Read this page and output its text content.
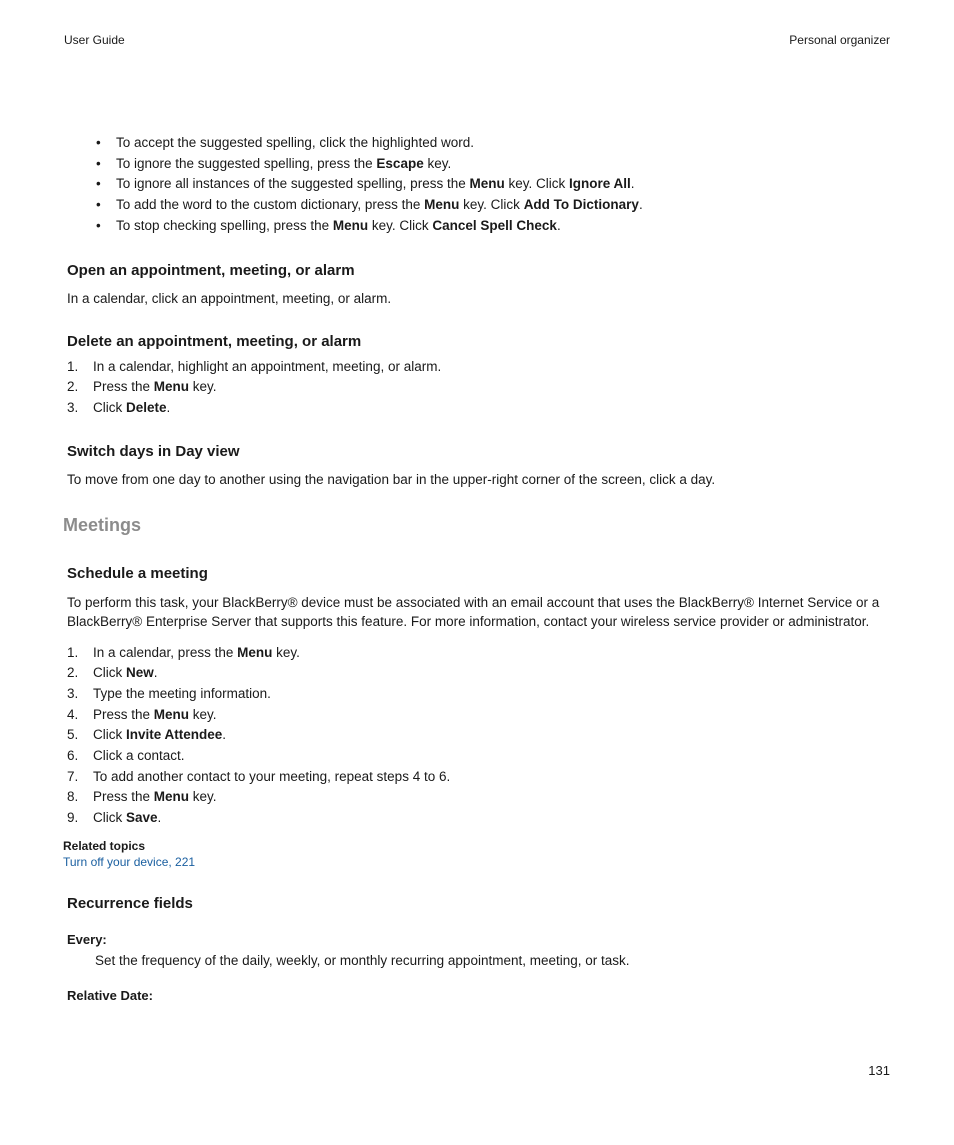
User Guide	Personal organizer
• To accept the suggested spelling, click the highlighted word.
• To ignore the suggested spelling, press the Escape key.
• To ignore all instances of the suggested spelling, press the Menu key. Click Ignore All.
• To add the word to the custom dictionary, press the Menu key. Click Add To Dictionary.
• To stop checking spelling, press the Menu key. Click Cancel Spell Check.
Open an appointment, meeting, or alarm
In a calendar, click an appointment, meeting, or alarm.
Delete an appointment, meeting, or alarm
1. In a calendar, highlight an appointment, meeting, or alarm.
2. Press the Menu key.
3. Click Delete.
Switch days in Day view
To move from one day to another using the navigation bar in the upper-right corner of the screen, click a day.
Meetings
Schedule a meeting
To perform this task, your BlackBerry® device must be associated with an email account that uses the BlackBerry® Internet Service or a BlackBerry® Enterprise Server that supports this feature. For more information, contact your wireless service provider or administrator.
1. In a calendar, press the Menu key.
2. Click New.
3. Type the meeting information.
4. Press the Menu key.
5. Click Invite Attendee.
6. Click a contact.
7. To add another contact to your meeting, repeat steps 4 to 6.
8. Press the Menu key.
9. Click Save.
Related topics
Turn off your device, 221
Recurrence fields
Every:
Set the frequency of the daily, weekly, or monthly recurring appointment, meeting, or task.
Relative Date:
131
